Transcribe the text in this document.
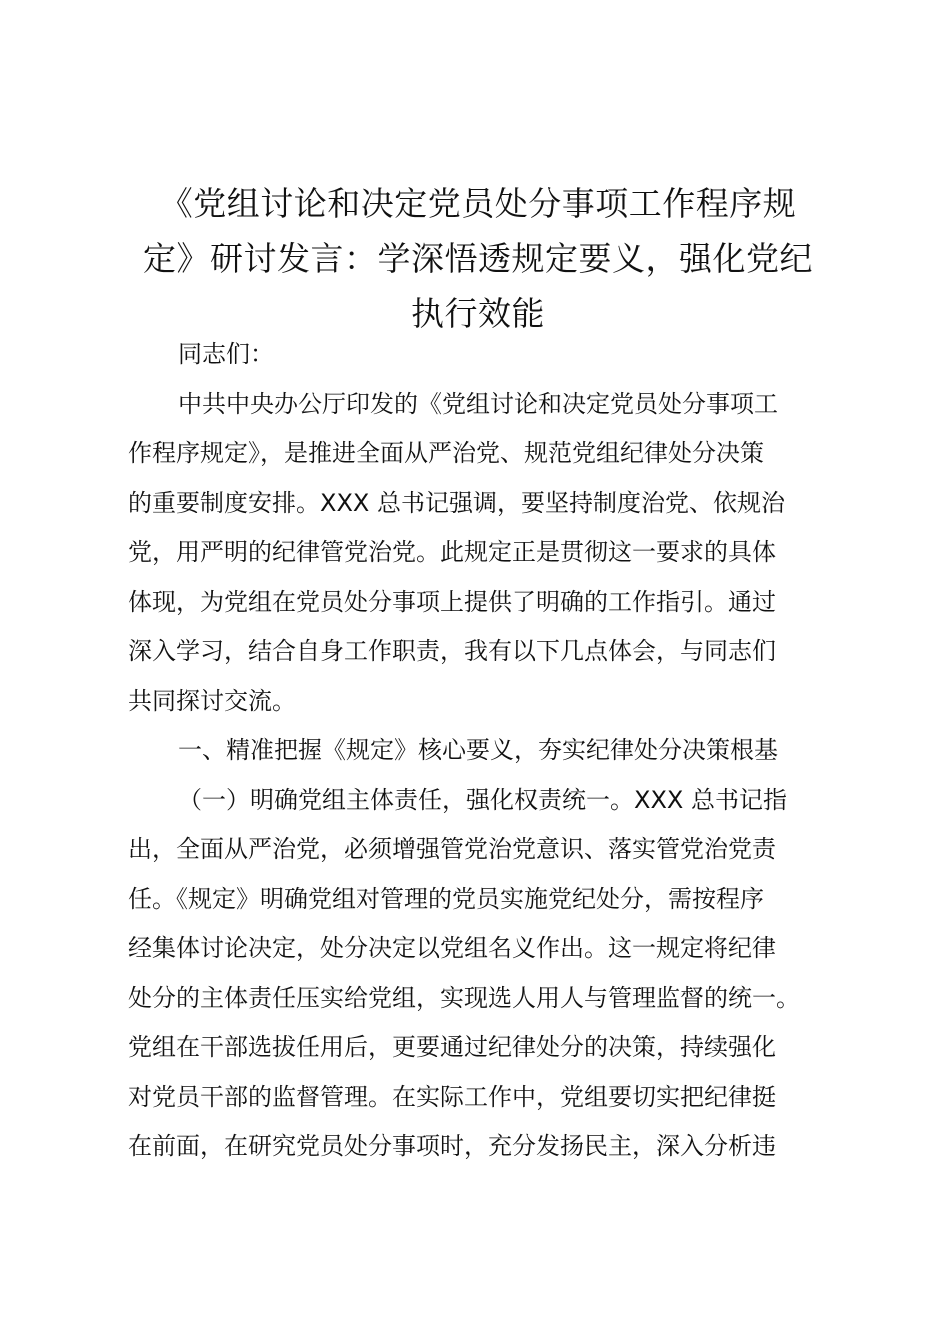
《党组讨论和决定党员处分事项工作程序规
定》研讨发言：学深悟透规定要义，强化党纪
执行效能
同志们：
中共中央办公厅印发的《党组讨论和决定党员处分事项工
作程序规定》，是推进全面从严治党、规范党组纪律处分决策
的重要制度安排。XXX 总书记强调，要坚持制度治党、依规治
党，用严明的纪律管党治党。此规定正是贯彻这一要求的具体
体现，为党组在党员处分事项上提供了明确的工作指引。通过
深入学习，结合自身工作职责，我有以下几点体会，与同志们
共同探讨交流。
一、精准把握《规定》核心要义，夯实纪律处分决策根基
（一）明确党组主体责任，强化权责统一。XXX 总书记指
出，全面从严治党，必须增强管党治党意识、落实管党治党责
任。《规定》明确党组对管理的党员实施党纪处分，需按程序
经集体讨论决定，处分决定以党组名义作出。这一规定将纪律
处分的主体责任压实给党组，实现选人用人与管理监督的统一。
党组在干部选拔任用后，更要通过纪律处分的决策，持续强化
对党员干部的监督管理。在实际工作中，党组要切实把纪律挺
在前面，在研究党员处分事项时，充分发扬民主，深入分析违
